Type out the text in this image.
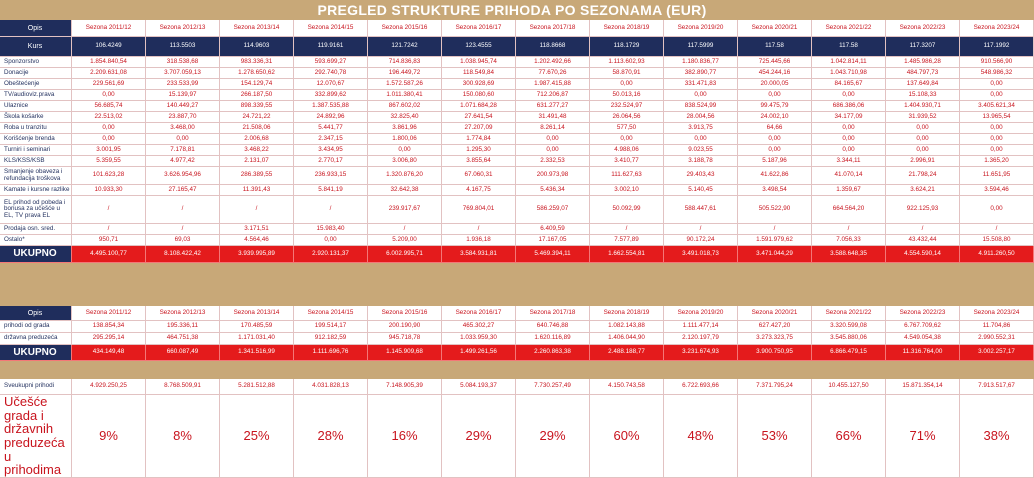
PREGLED STRUKTURE PRIHODA PO SEZONAMA (EUR)
Opis	Sezona 2011/12	Sezona 2012/13	Sezona 2013/14	Sezona 2014/15	Sezona 2015/16	Sezona 2016/17	Sezona 2017/18	Sezona 2018/19	Sezona 2019/20	Sezona 2020/21	Sezona 2021/22	Sezona 2022/23	Sezona 2023/24	
Kurs	106.4249	113.5503	114.9603	119.9161	121.7242	123.4555	118.8668	118.1729	117.5999	117.58	117.58	117.3207	117.1992	
Sponzorstvo	1.854.840,54	318.538,68	983.336,31	593.699,27	714.836,83	1.038.945,74	1.202.492,66	1.113.602,93	1.180.836,77	725.445,66	1.042.814,11	1.485.986,28	910.566,90	
Donacije	2.209.631,08	3.707.059,13	1.278.650,62	292.740,78	196.449,72	118.549,84	77.670,26	58.870,91	382.890,77	454.244,16	1.043.710,98	484.797,73	548.986,32	
Obeštećenje	229.561,69	233.533,99	154.129,74	12.070,67	1.572.587,26	300.928,69	1.987.415,88	0,00	331.471,83	20.000,05	84.165,67	137.649,84	0,00	
TV/audiovіz.prava	0,00	15.139,97	266.187,50	332.899,62	1.011.380,41	150.080,60	712.206,87	50.013,16	0,00	0,00	0,00	15.108,33	0,00	
Ulaznice	56.685,74	140.449,27	898.339,55	1.387.535,88	867.602,02	1.071.684,28	631.277,27	232.524,97	838.524,99	99.475,79	686.386,06	1.404.930,71	3.405.621,34	
Škola košarke	22.513,02	23.887,70	24.721,22	24.892,96	32.825,40	27.641,54	31.491,48	26.064,56	28.004,56	24.002,10	34.177,09	31.939,52	13.965,54	
Roba u tranzitu	0,00	3.468,00	21.508,06	5.441,77	3.861,96	27.207,09	8.261,14	577,50	3.913,75	64,66	0,00	0,00	0,00	
Korišćenje brenda	0,00	0,00	2.006,68	2.347,15	1.800,06	1.774,84	0,00	0,00	0,00	0,00	0,00	0,00	0,00	
Turniri i seminari	3.001,95	7.178,81	3.468,22	3.434,95	0,00	1.295,30	0,00	4.988,06	9.023,55	0,00	0,00	0,00	0,00	
KLS/KSS/KSB	5.359,55	4.977,42	2.131,07	2.770,17	3.006,80	3.855,64	2.332,53	3.410,77	3.188,78	5.187,96	3.344,11	2.996,91	1.365,20	
Smanjenje obaveza i refundacija troškova	101.623,28	3.626.954,96	286.389,55	236.933,15	1.320.876,20	67.060,31	200.973,98	111.627,63	29.403,43	41.622,86	41.070,14	21.798,24	11.651,95	
Kamate i kursne razlike	10.933,30	27.165,47	11.391,43	5.841,19	32.642,38	4.167,75	5.436,34	3.002,10	5.140,45	3.498,54	1.359,67	3.624,21	3.594,46	
EL prihod od pobeda i bonusa za učešće u EL, TV prava EL	/	/	/	/	239.917,67	769.804,01	586.259,07	50.092,99	588.447,61	505.522,90	664.564,20	922.125,93	0,00	
Prodaja osn. sred.	/	/	3.171,51	15.983,40	/	/	6.409,59	/	/	/	/	/	/	
Ostalo*	950,71	69,03	4.564,46	0,00	5.209,00	1.936,18	17.167,05	7.577,89	90.172,24	1.591.979,62	7.056,33	43.432,44	15.508,80	
UKUPNO	4.495.100,77	8.108.422,42	3.939.995,89	2.920.131,37	6.002.995,71	3.584.931,81	5.469.394,11	1.662.554,81	3.491.018,73	3.471.044,29	3.588.648,35	4.554.590,14	4.911.260,50	
Opis	Sezona 2011/12	Sezona 2012/13	Sezona 2013/14	Sezona 2014/15	Sezona 2015/16	Sezona 2016/17	Sezona 2017/18	Sezona 2018/19	Sezona 2019/20	Sezona 2020/21	Sezona 2021/22	Sezona 2022/23	Sezona 2023/24	
prihodi od grada	138.854,34	195.336,11	170.485,59	199.514,17	200.190,90	465.302,27	640.746,88	1.082.143,88	1.111.477,14	627.427,20	3.320.599,08	6.767.709,62	11.704,86	
državna preduzeća	295.295,14	464.751,38	1.171.031,40	912.182,59	945.718,78	1.033.959,30	1.620.116,89	1.406.044,90	2.120.197,79	3.273.323,75	3.545.880,06	4.549.054,38	2.990.552,31	
UKUPNO	434.149,48	660.087,49	1.341.516,99	1.111.696,76	1.145.909,68	1.499.261,56	2.260.863,38	2.488.188,77	3.231.674,93	3.900.750,95	6.866.479,15	11.316.764,00	3.002.257,17	
Sveukupni prihodi	4.929.250,25	8.768.509,91	5.281.512,88	4.031.828,13	7.148.905,39	5.084.193,37	7.730.257,49	4.150.743,58	6.722.693,66	7.371.795,24	10.455.127,50	15.871.354,14	7.913.517,67	
Učešće grada i državnih preduzeća u prihodima	9%	8%	25%	28%	16%	29%	29%	60%	48%	53%	66%	71%	38%	
